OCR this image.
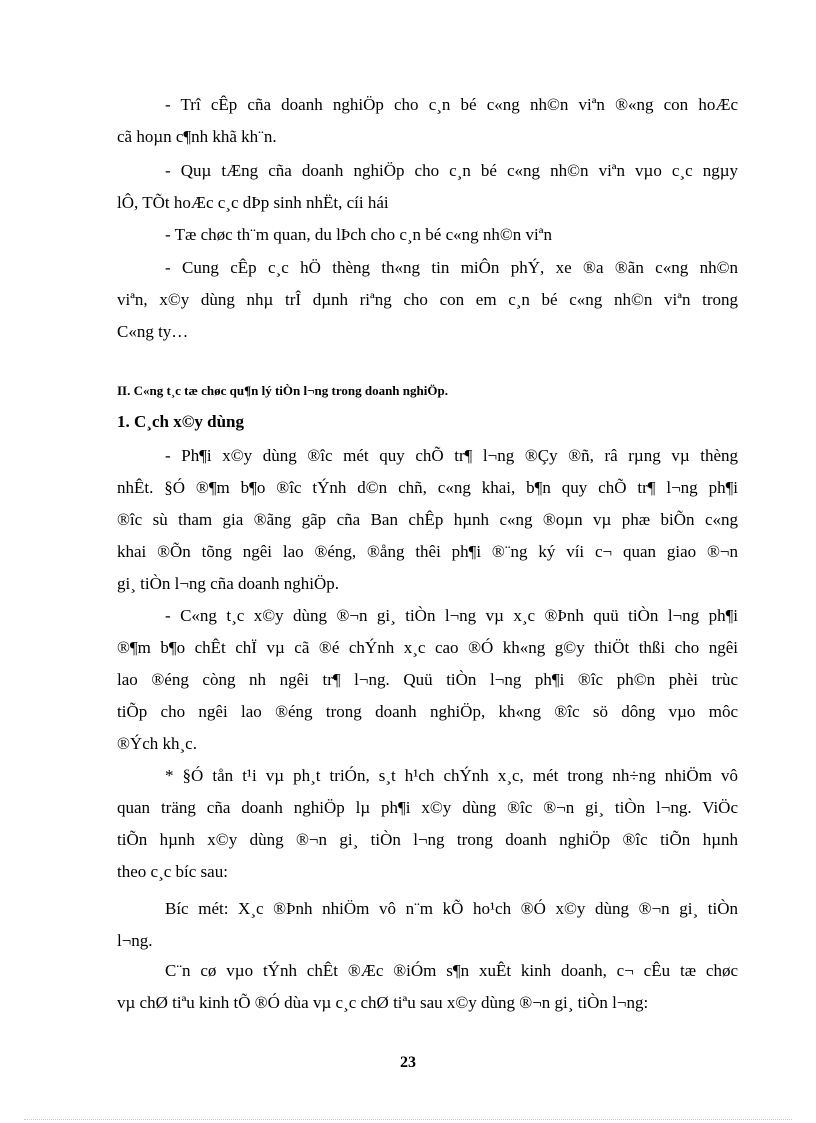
- Trî cÊp cña doanh nghiÖp cho c¸n bé c«ng nh©n viªn ®«ng con hoÆc
cã hoµn c¶nh khã kh¨n.
- Quµ tÆng cña doanh nghiÖp cho c¸n bé c«ng nh©n viªn vµo c¸c ngµy
lÔ, TÕt hoÆc c¸c dÞp sinh nhËt, cíi hái
- Tæ chøc th¨m quan, du lÞch cho c¸n bé c«ng nh©n viªn
- Cung cÊp c¸c hÖ thèng th«ng tin miÔn phÝ, xe ®a ®ãn c«ng nh©n
viªn, x©y dùng nhµ trÎ dµnh riªng cho con em c¸n bé c«ng nh©n viªn trong
C«ng ty…
II. C«ng t¸c tæ chøc qu¶n lý tiÒn l¬ng trong doanh nghiÖp.
1. C¸ch x©y dùng
- Ph¶i x©y dùng ®îc mét quy chÕ tr¶ l¬ng ®Çy ®ñ, râ rµng vµ thèng
nhÊt. §Ó ®¶m b¶o ®îc tÝnh d©n chñ, c«ng khai, b¶n quy chÕ tr¶ l¬ng ph¶i
®îc sù tham gia ®ãng gãp cña Ban chÊp hµnh c«ng ®oµn vµ phæ biÕn c«ng
khai ®Õn tõng ngêi lao ®éng, ®ång thêi ph¶i ®¨ng ký víi c¬ quan giao ®¬n
gi¸ tiÒn l¬ng cña doanh nghiÖp.
- C«ng t¸c x©y dùng ®¬n gi¸ tiÒn l¬ng vµ x¸c ®Þnh quü tiÒn l¬ng ph¶i
®¶m b¶o chÊt chÏ vµ cã ®é chÝnh x¸c cao ®Ó kh«ng g©y thiÖt thßi cho ngêi
lao ®éng còng nh ngêi tr¶ l¬ng. Quü tiÒn l¬ng ph¶i ®îc ph©n phèi trùc
tiÕp cho ngêi lao ®éng trong doanh nghiÖp, kh«ng ®îc sö dông vµo môc
®Ých kh¸c.
* §Ó tån t¹i vµ ph¸t triÓn, s¸t h¹ch chÝnh x¸c, mét trong nh÷ng nhiÖm vô
quan träng cña doanh nghiÖp lµ ph¶i x©y dùng ®îc ®¬n gi¸ tiÒn l¬ng. ViÖc
tiÕn hµnh x©y dùng ®¬n gi¸ tiÒn l¬ng trong doanh nghiÖp ®îc tiÕn hµnh
theo c¸c bíc sau:
Bíc mét: X¸c ®Þnh nhiÖm vô n¨m kÕ ho¹ch ®Ó x©y dùng ®¬n gi¸ tiÒn
l¬ng.
C¨n cø vµo tÝnh chÊt ®Æc ®iÓm s¶n xuÊt kinh doanh, c¬ cÊu tæ chøc
vµ chØ tiªu kinh tÕ ®Ó dùa vµ c¸c chØ tiªu sau x©y dùng ®¬n gi¸ tiÒn l¬ng:
23
